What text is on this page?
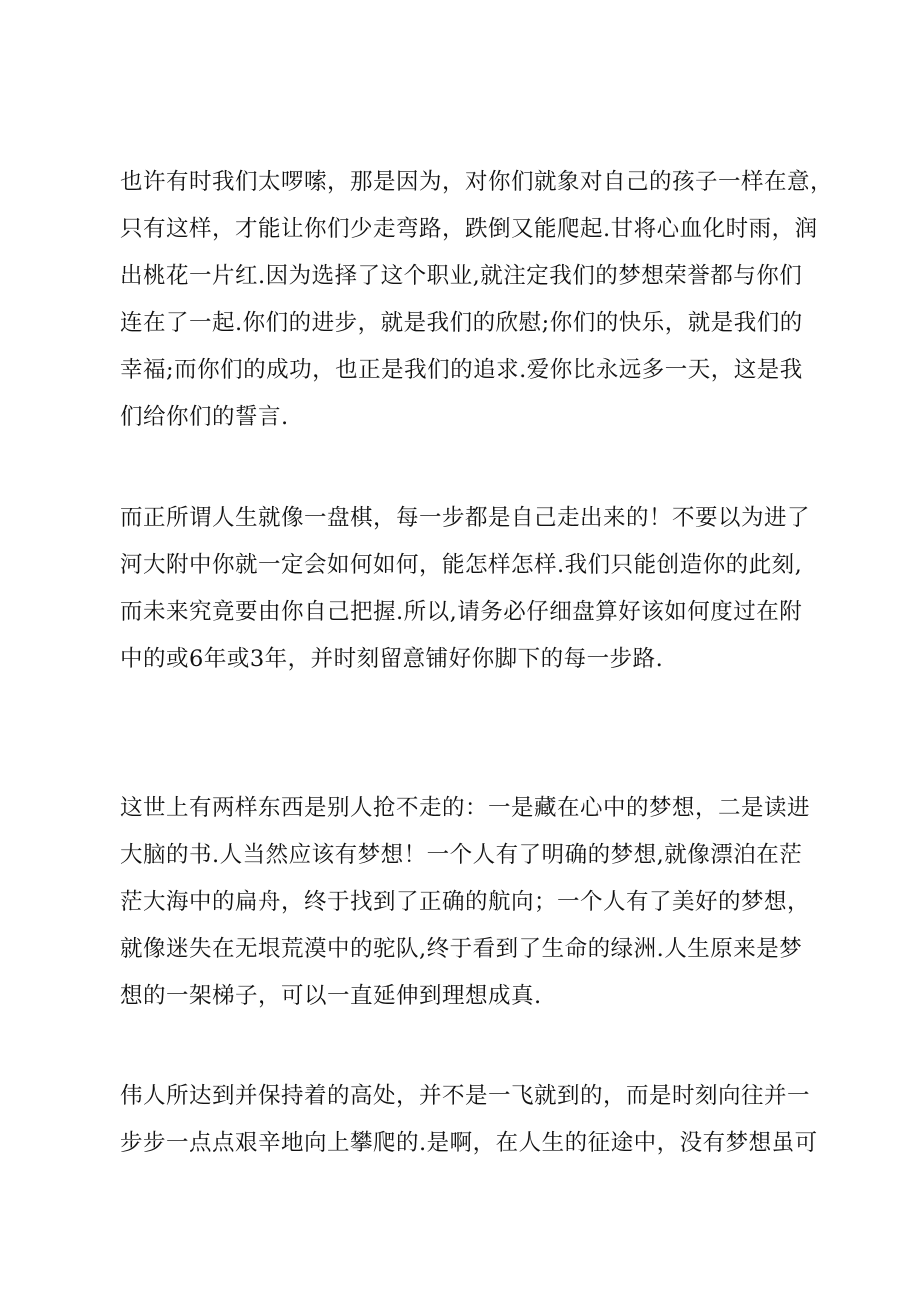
也许有时我们太啰嗦，那是因为，对你们就象对自己的孩子一样在意，
只有这样，才能让你们少走弯路，跌倒又能爬起.甘将心血化时雨，润
出桃花一片红.因为选择了这个职业,就注定我们的梦想荣誉都与你们
连在了一起.你们的进步，就是我们的欣慰;你们的快乐，就是我们的
幸福;而你们的成功，也正是我们的追求.爱你比永远多一天，这是我
们给你们的誓言.
而正所谓人生就像一盘棋，每一步都是自己走出来的！不要以为进了
河大附中你就一定会如何如何，能怎样怎样.我们只能创造你的此刻,
而未来究竟要由你自己把握.所以,请务必仔细盘算好该如何度过在附
中的或6年或3年，并时刻留意铺好你脚下的每一步路.
这世上有两样东西是别人抢不走的：一是藏在心中的梦想，二是读进
大脑的书.人当然应该有梦想！一个人有了明确的梦想,就像漂泊在茫
茫大海中的扁舟，终于找到了正确的航向；一个人有了美好的梦想，
就像迷失在无垠荒漠中的驼队,终于看到了生命的绿洲.人生原来是梦
想的一架梯子，可以一直延伸到理想成真.
伟人所达到并保持着的高处，并不是一飞就到的，而是时刻向往并一
步步一点点艰辛地向上攀爬的.是啊，在人生的征途中，没有梦想虽可
